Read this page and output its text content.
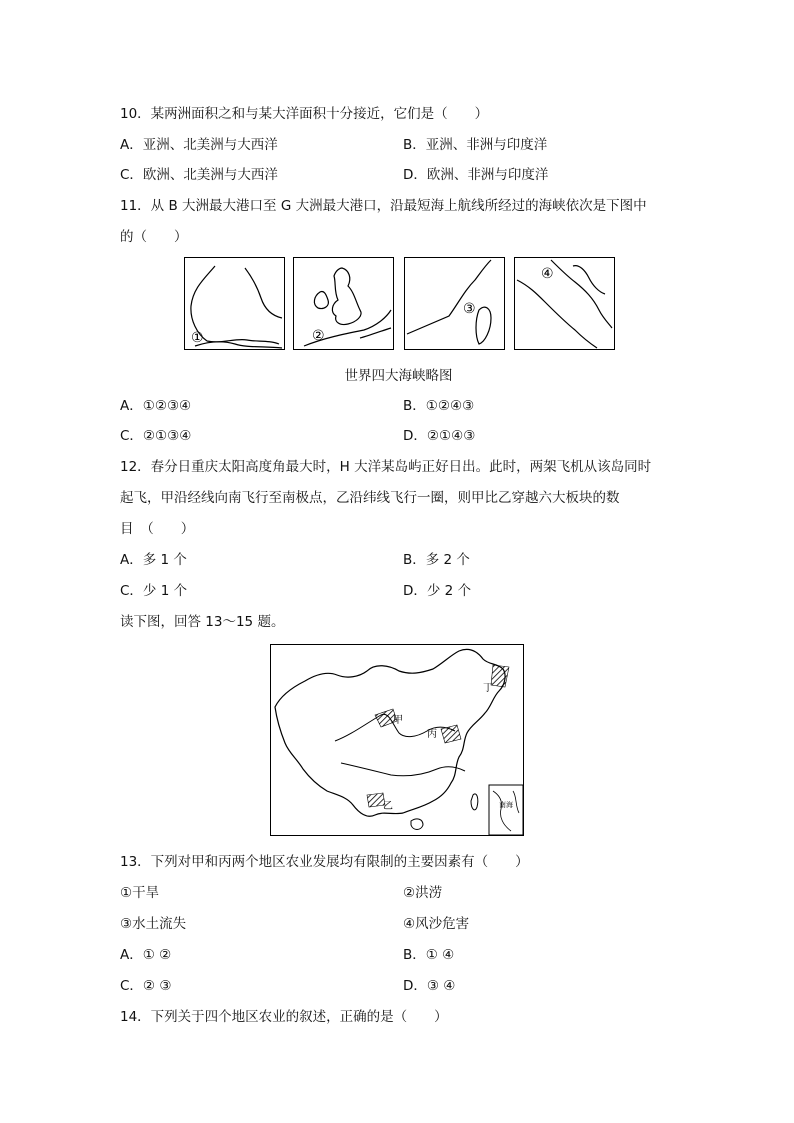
10．某两洲面积之和与某大洋面积十分接近，它们是（　　）
A．亚洲、北美洲与大西洋	B．亚洲、非洲与印度洋
C．欧洲、北美洲与大西洋	D．欧洲、非洲与印度洋
11．从 B 大洲最大港口至 G 大洲最大港口，沿最短海上航线所经过的海峡依次是下图中
的（　　）
①	②
③
④
世界四大海峡略图
A．①②③④	B．①②④③
C．②①③④	D．②①④③
12．春分日重庆太阳高度角最大时，H 大洋某岛屿正好日出。此时，两架飞机从该岛同时
起飞，甲沿经线向南飞行至南极点，乙沿纬线飞行一圈，则甲比乙穿越六大板块的数
目　（　　）
A．多 1 个	B．多 2 个
C．少 1 个	D．少 2 个
读下图，回答 13～15 题。
甲
丙
丁
乙	南海
13．下列对甲和丙两个地区农业发展均有限制的主要因素有（　　）
①干旱	②洪涝
③水土流失	④风沙危害
A．① ②	B．① ④
C．② ③	D．③ ④
14．下列关于四个地区农业的叙述，正确的是（　　）
